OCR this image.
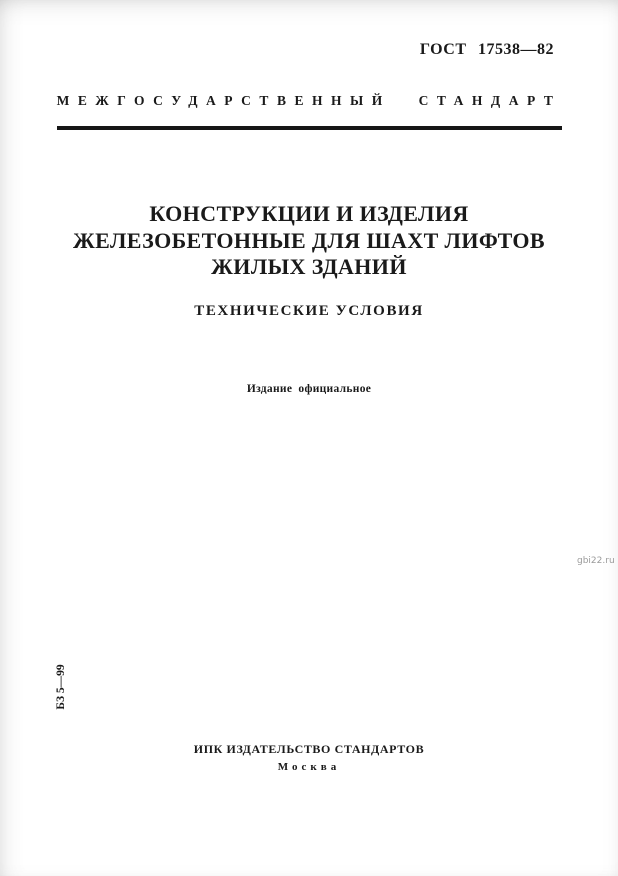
ГОСТ 17538—82
МЕЖГОСУДАРСТВЕННЫЙ СТАНДАРТ
КОНСТРУКЦИИ И ИЗДЕЛИЯ
ЖЕЛЕЗОБЕТОННЫЕ ДЛЯ ШАХТ ЛИФТОВ
ЖИЛЫХ ЗДАНИЙ
ТЕХНИЧЕСКИЕ УСЛОВИЯ
Издание официальное
gbi22.ru
БЗ 5—99
ИПК ИЗДАТЕЛЬСТВО СТАНДАРТОВ
Москва
